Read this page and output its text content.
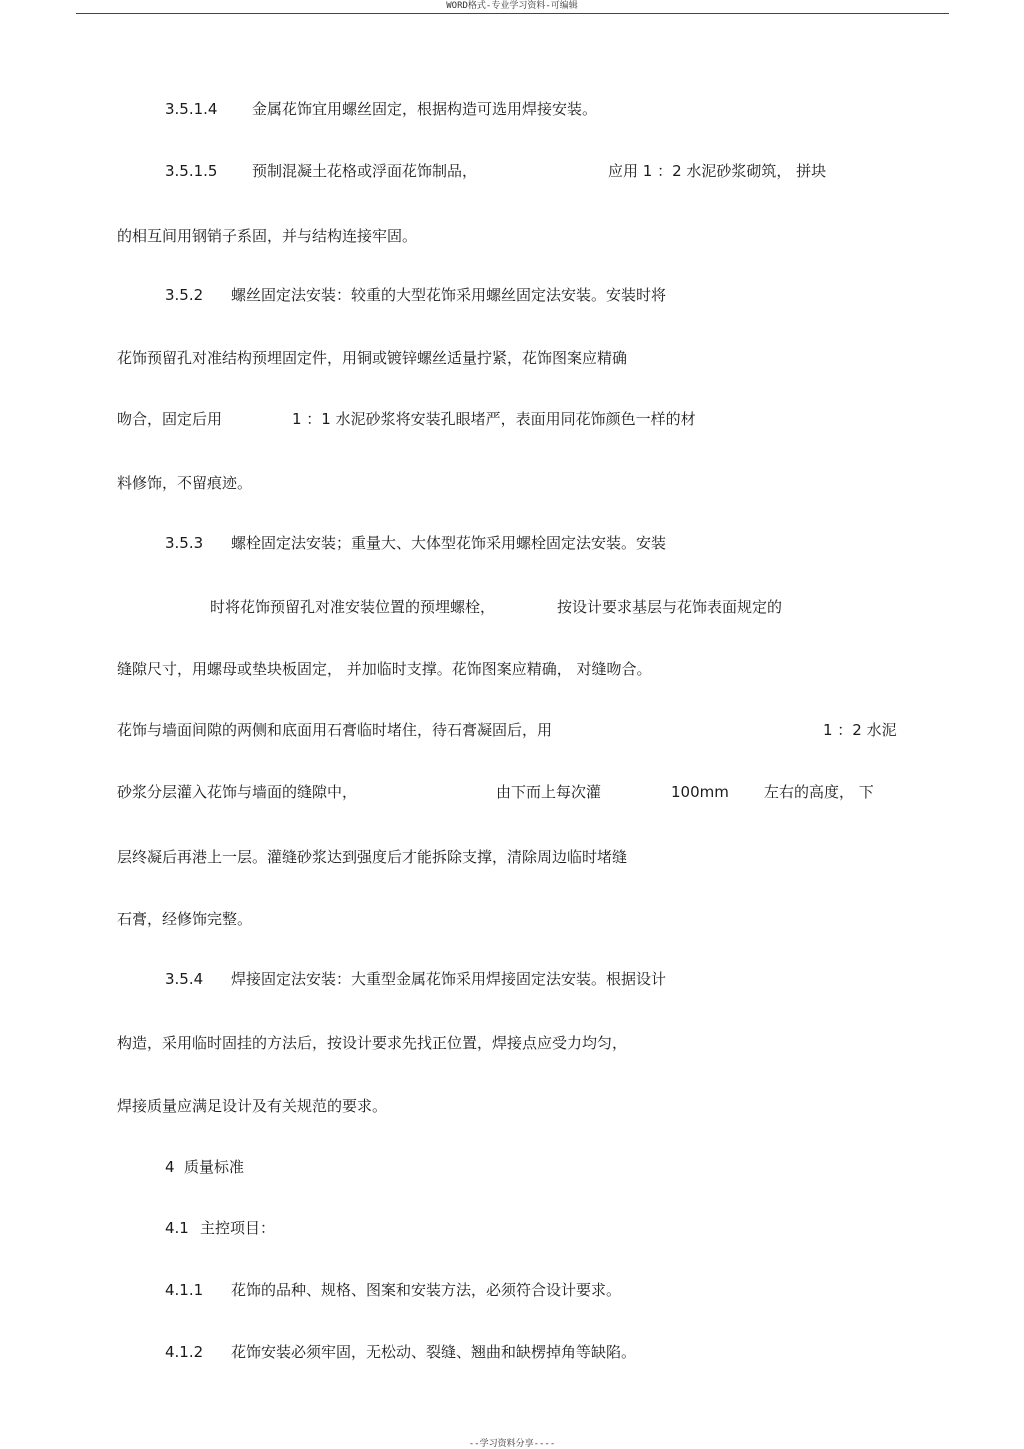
WORD格式-专业学习资料-可编辑

3.5.1.4

金属花饰宜用螺丝固定，根据构造可选用焊接安装。

3.5.1.5

预制混凝土花格或浮面花饰制品，

	应用 1 ：2 水泥砂浆砌筑， 拼块

的相互间用钢销子系固，并与结构连接牢固。

3.5.2

螺丝固定法安装：较重的大型花饰采用螺丝固定法安装。安装时将

花饰预留孔对准结构预埋固定件，用铜或镀锌螺丝适量拧紧，花饰图案应精确

吻合，固定后用

	1 ：1 水泥砂浆将安装孔眼堵严，表面用同花饰颜色一样的材

料修饰，不留痕迹。

3.5.3

螺栓固定法安装；重量大、大体型花饰采用螺栓固定法安装。安装

时将花饰预留孔对准安装位置的预埋螺栓，

	按设计要求基层与花饰表面规定的

缝隙尺寸，用螺母或垫块板固定， 并加临时支撑。花饰图案应精确， 对缝吻合。

花饰与墙面间隙的两侧和底面用石膏临时堵住，待石膏凝固后，用

	1 ：2 水泥

砂浆分层灌入花饰与墙面的缝隙中，

	由下而上每次灌

	100mm

左右的高度， 下

层终凝后再港上一层。灌缝砂浆达到强度后才能拆除支撑，清除周边临时堵缝

石膏，经修饰完整。

3.5.4

焊接固定法安装：大重型金属花饰采用焊接固定法安装。根据设计

构造，采用临时固挂的方法后，按设计要求先找正位置，焊接点应受力均匀，

焊接质量应满足设计及有关规范的要求。

4

质量标准

4.1

主控项目：

4.1.1

花饰的品种、规格、图案和安装方法，必须符合设计要求。

4.1.2

花饰安装必须牢固，无松动、裂缝、翘曲和缺楞掉角等缺陷。

--学习资料分享----
